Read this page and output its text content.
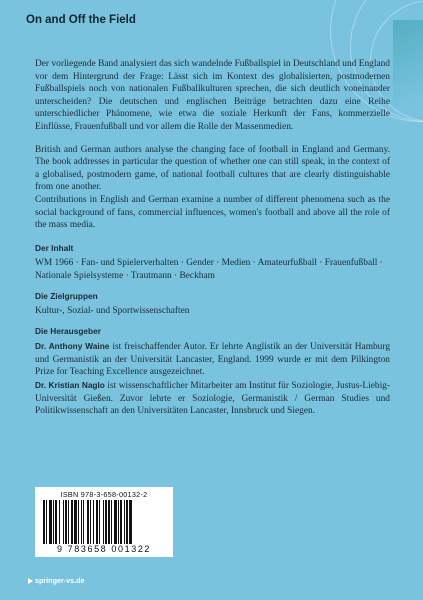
On and Off the Field

Der vorliegende Band analysiert das sich wandelnde Fußballspiel in Deutschland und England vor dem Hintergrund der Frage: Lässt sich im Kontext des globalisierten, postmodernen Fußballspiels noch von nationalen Fußballkulturen sprechen, die sich deutlich voneinander unterscheiden? Die deutschen und englischen Beiträge betrachten dazu eine Reihe unterschiedlicher Phänomene, wie etwa die soziale Herkunft der Fans, kommerzielle Einflüsse, Frauenfußball und vor allem die Rolle der Massenmedien.

British and German authors analyse the changing face of football in England and Germany. The book addresses in particular the question of whether one can still speak, in the context of a globalised, postmodern game, of national football cultures that are clearly distinguishable from one another.

Contributions in English and German examine a number of different phenomena such as the social background of fans, commercial influences, women's football and above all the role of the mass media.

Der Inhalt

WM 1966 · Fan- und Spielerverhalten · Gender · Medien · Amateurfußball · Frauenfußball · Nationale Spielsysteme · Trautmann · Beckham

Die Zielgruppen

Kultur-, Sozial- und Sportwissenschaften

Die Herausgeber

Dr. Anthony Waine ist freischaffender Autor. Er lehrte Anglistik an der Universität Hamburg und Germanistik an der Universität Lancaster, England. 1999 wurde er mit dem Pilkington Prize for Teaching Excellence ausgezeichnet.

Dr. Kristian Naglo ist wissenschaftlicher Mitarbeiter am Institut für Soziologie, Justus-Liebig-Universität Gießen. Zuvor lehrte er Soziologie, Germanistik / German Studies und Politikwissenschaft an den Universitäten Lancaster, Innsbruck und Siegen.

ISBN 978-3-658-00132-2
9 783658 001322
springer-vs.de
